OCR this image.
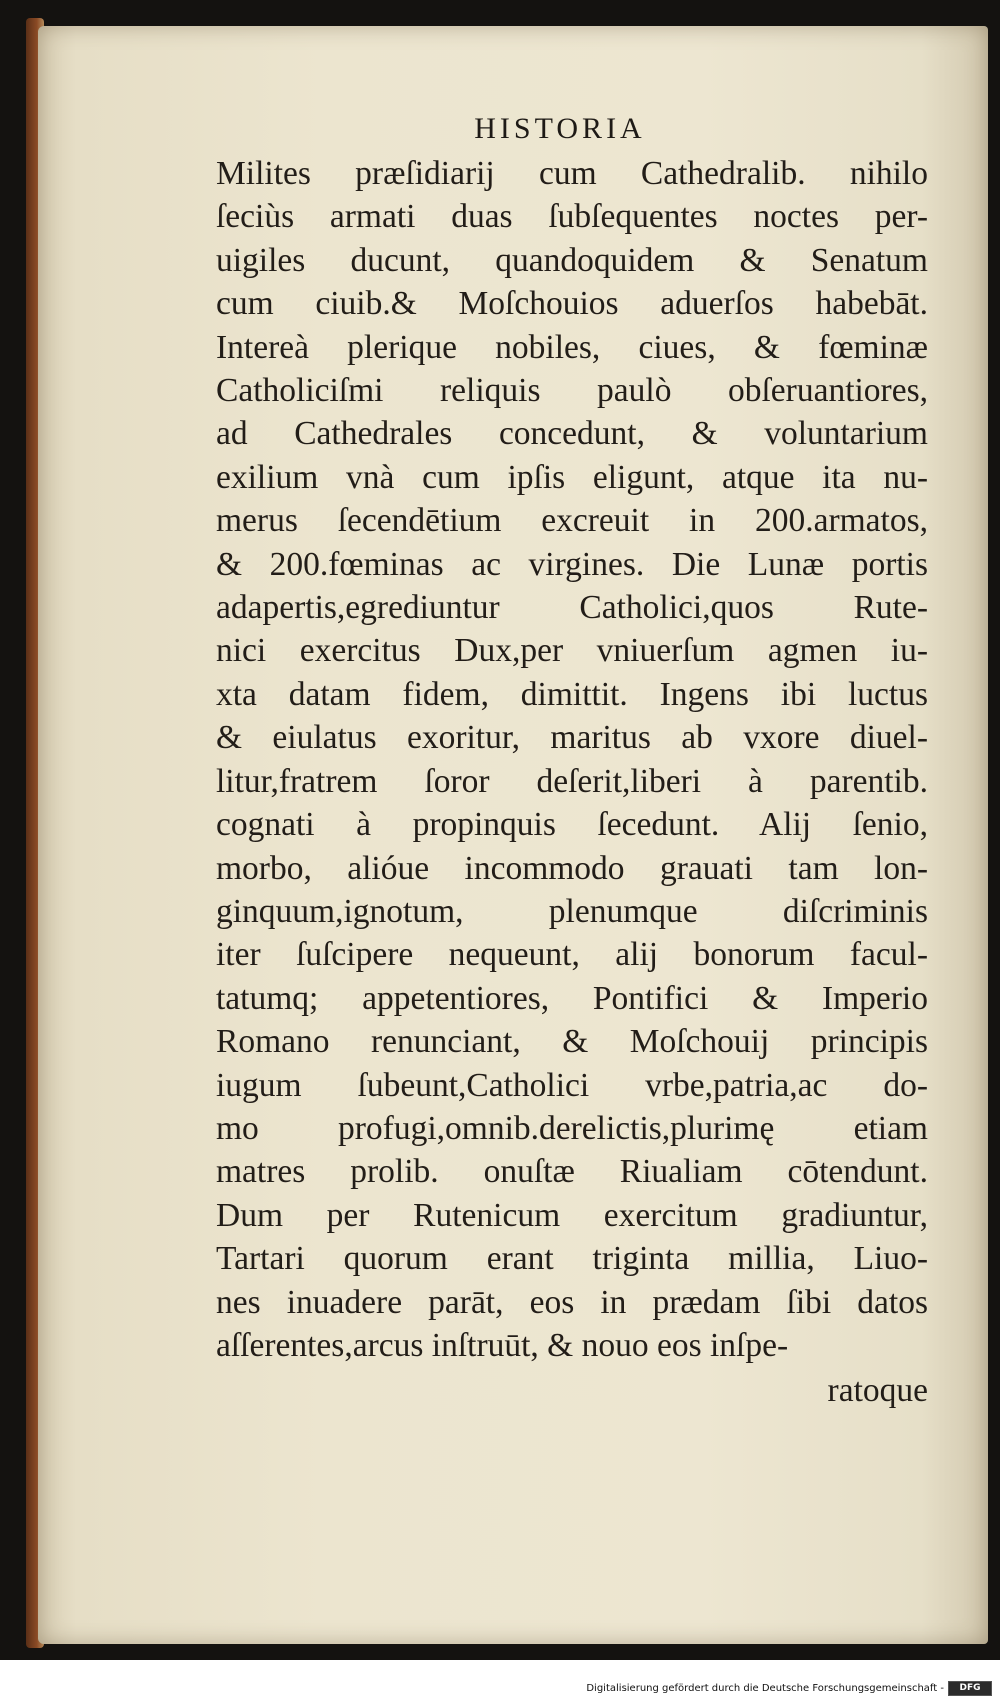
HISTORIA
Milites præſidiarij cum Cathedralib. nihilo
ſeciùs armati duas ſubſequentes noctes per-
uigiles ducunt, quandoquidem & Senatum
cum ciuib.& Moſchouios aduerſos habebāt.
Intereà plerique nobiles, ciues, & fœminæ
Catholiciſmi reliquis paulò obſeruantiores,
ad Cathedrales concedunt, & voluntarium
exilium vnà cum ipſis eligunt, atque ita nu-
merus ſecendētium excreuit in 200.armatos,
& 200.fœminas ac virgines. Die Lunæ portis
adapertis,egrediuntur Catholici,quos Rute-
nici exercitus Dux,per vniuerſum agmen iu-
xta datam fidem, dimittit. Ingens ibi luctus
& eiulatus exoritur, maritus ab vxore diuel-
litur,fratrem ſoror deſerit,liberi à parentib.
cognati à propinquis ſecedunt. Alij ſenio,
morbo, alióue incommodo grauati tam lon-
ginquum,ignotum, plenumque diſcriminis
iter ſuſcipere nequeunt, alij bonorum facul-
tatumq; appetentiores, Pontifici & Imperio
Romano renunciant, & Moſchouij principis
iugum ſubeunt,Catholici vrbe,patria,ac do-
mo profugi,omnib.derelictis,plurimę etiam
matres prolib. onuſtæ Riualiam cōtendunt.
Dum per Rutenicum exercitum gradiuntur,
Tartari quorum erant triginta millia, Liuo-
nes inuadere parāt, eos in prædam ſibi datos
aſſerentes,arcus inſtruūt, & nouo eos inſpe-
ratoque
Digitalisierung gefördert durch die Deutsche Forschungsgemeinschaft -	DFG
